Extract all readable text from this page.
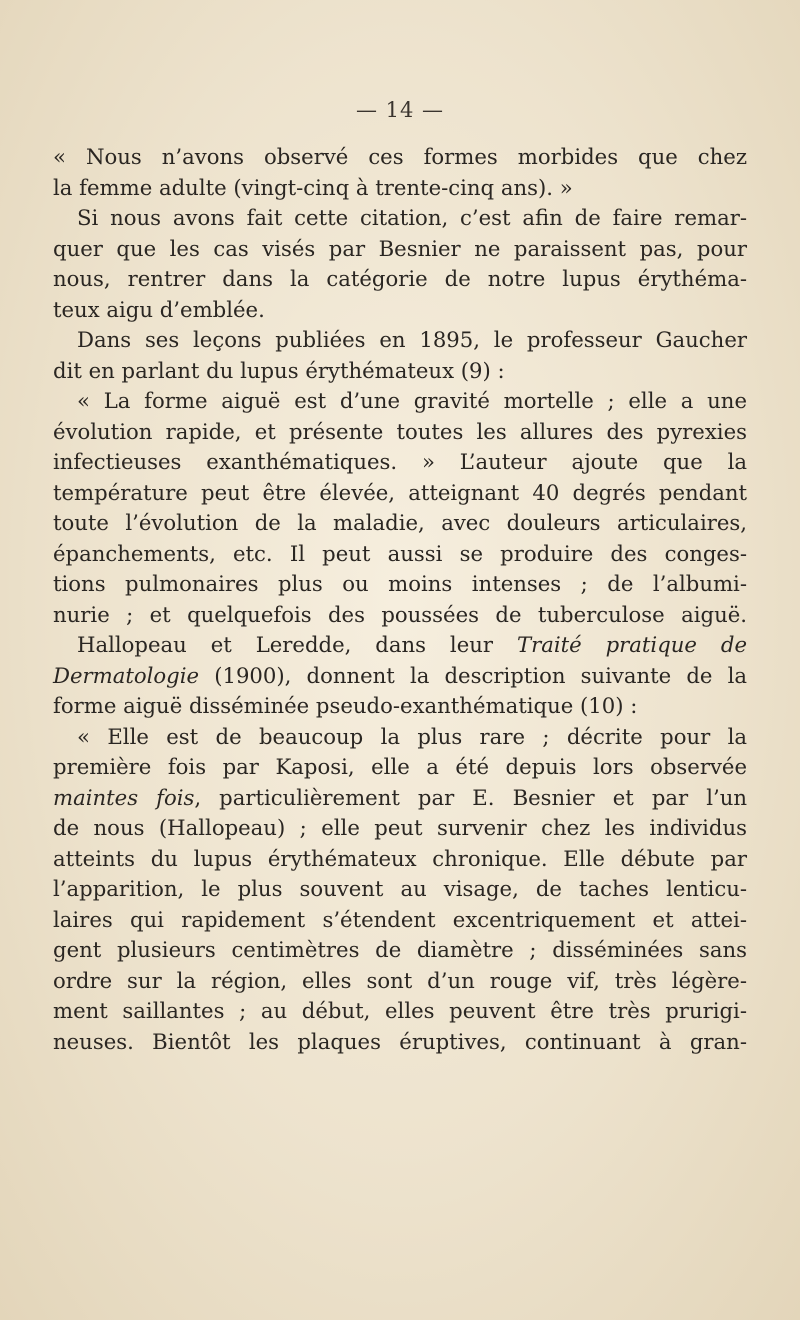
— 14 —
« Nous n’avons observé ces formes morbides que chez
la femme adulte (vingt-cinq à trente-cinq ans). »
Si nous avons fait cette citation, c’est afin de faire remar-
quer que les cas visés par Besnier ne paraissent pas, pour
nous, rentrer dans la catégorie de notre lupus érythéma-
teux aigu d’emblée.
Dans ses leçons publiées en 1895, le professeur Gaucher
dit en parlant du lupus érythémateux (9) :
« La forme aiguë est d’une gravité mortelle ; elle a une
évolution rapide, et présente toutes les allures des pyrexies
infectieuses exanthématiques. » L’auteur ajoute que la
température peut être élevée, atteignant 40 degrés pendant
toute l’évolution de la maladie, avec douleurs articulaires,
épanchements, etc. Il peut aussi se produire des conges-
tions pulmonaires plus ou moins intenses ; de l’albumi-
nurie ; et quelquefois des poussées de tuberculose aiguë.
Hallopeau et Leredde, dans leur Traité pratique de
Dermatologie (1900), donnent la description suivante de la
forme aiguë disséminée pseudo-exanthématique (10) :
« Elle est de beaucoup la plus rare ; décrite pour la
première fois par Kaposi, elle a été depuis lors observée
maintes fois, particulièrement par E. Besnier et par l’un
de nous (Hallopeau) ; elle peut survenir chez les individus
atteints du lupus érythémateux chronique. Elle débute par
l’apparition, le plus souvent au visage, de taches lenticu-
laires qui rapidement s’étendent excentriquement et attei-
gent plusieurs centimètres de diamètre ; disséminées sans
ordre sur la région, elles sont d’un rouge vif, très légère-
ment saillantes ; au début, elles peuvent être très prurigi-
neuses. Bientôt les plaques éruptives, continuant à gran-
